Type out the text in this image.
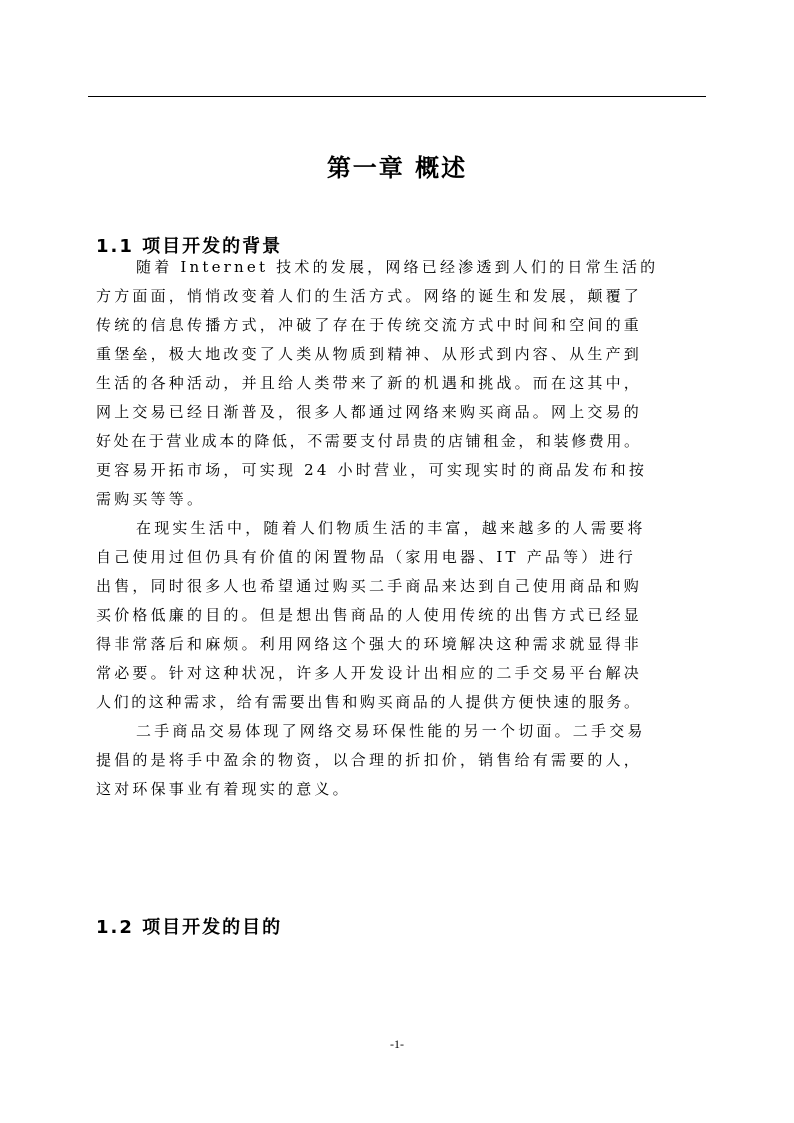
第一章 概述
1.1 项目开发的背景
随着 Internet 技术的发展，网络已经渗透到人们的日常生活的
方方面面，悄悄改变着人们的生活方式。网络的诞生和发展，颠覆了
传统的信息传播方式，冲破了存在于传统交流方式中时间和空间的重
重堡垒，极大地改变了人类从物质到精神、从形式到内容、从生产到
生活的各种活动，并且给人类带来了新的机遇和挑战。而在这其中，
网上交易已经日渐普及，很多人都通过网络来购买商品。网上交易的
好处在于营业成本的降低，不需要支付昂贵的店铺租金，和装修费用。
更容易开拓市场，可实现 24 小时营业，可实现实时的商品发布和按
需购买等等。
在现实生活中，随着人们物质生活的丰富，越来越多的人需要将
自己使用过但仍具有价值的闲置物品（家用电器、IT 产品等）进行
出售，同时很多人也希望通过购买二手商品来达到自己使用商品和购
买价格低廉的目的。但是想出售商品的人使用传统的出售方式已经显
得非常落后和麻烦。利用网络这个强大的环境解决这种需求就显得非
常必要。针对这种状况，许多人开发设计出相应的二手交易平台解决
人们的这种需求，给有需要出售和购买商品的人提供方便快速的服务。
二手商品交易体现了网络交易环保性能的另一个切面。二手交易
提倡的是将手中盈余的物资，以合理的折扣价，销售给有需要的人，
这对环保事业有着现实的意义。
1.2 项目开发的目的
-1-
